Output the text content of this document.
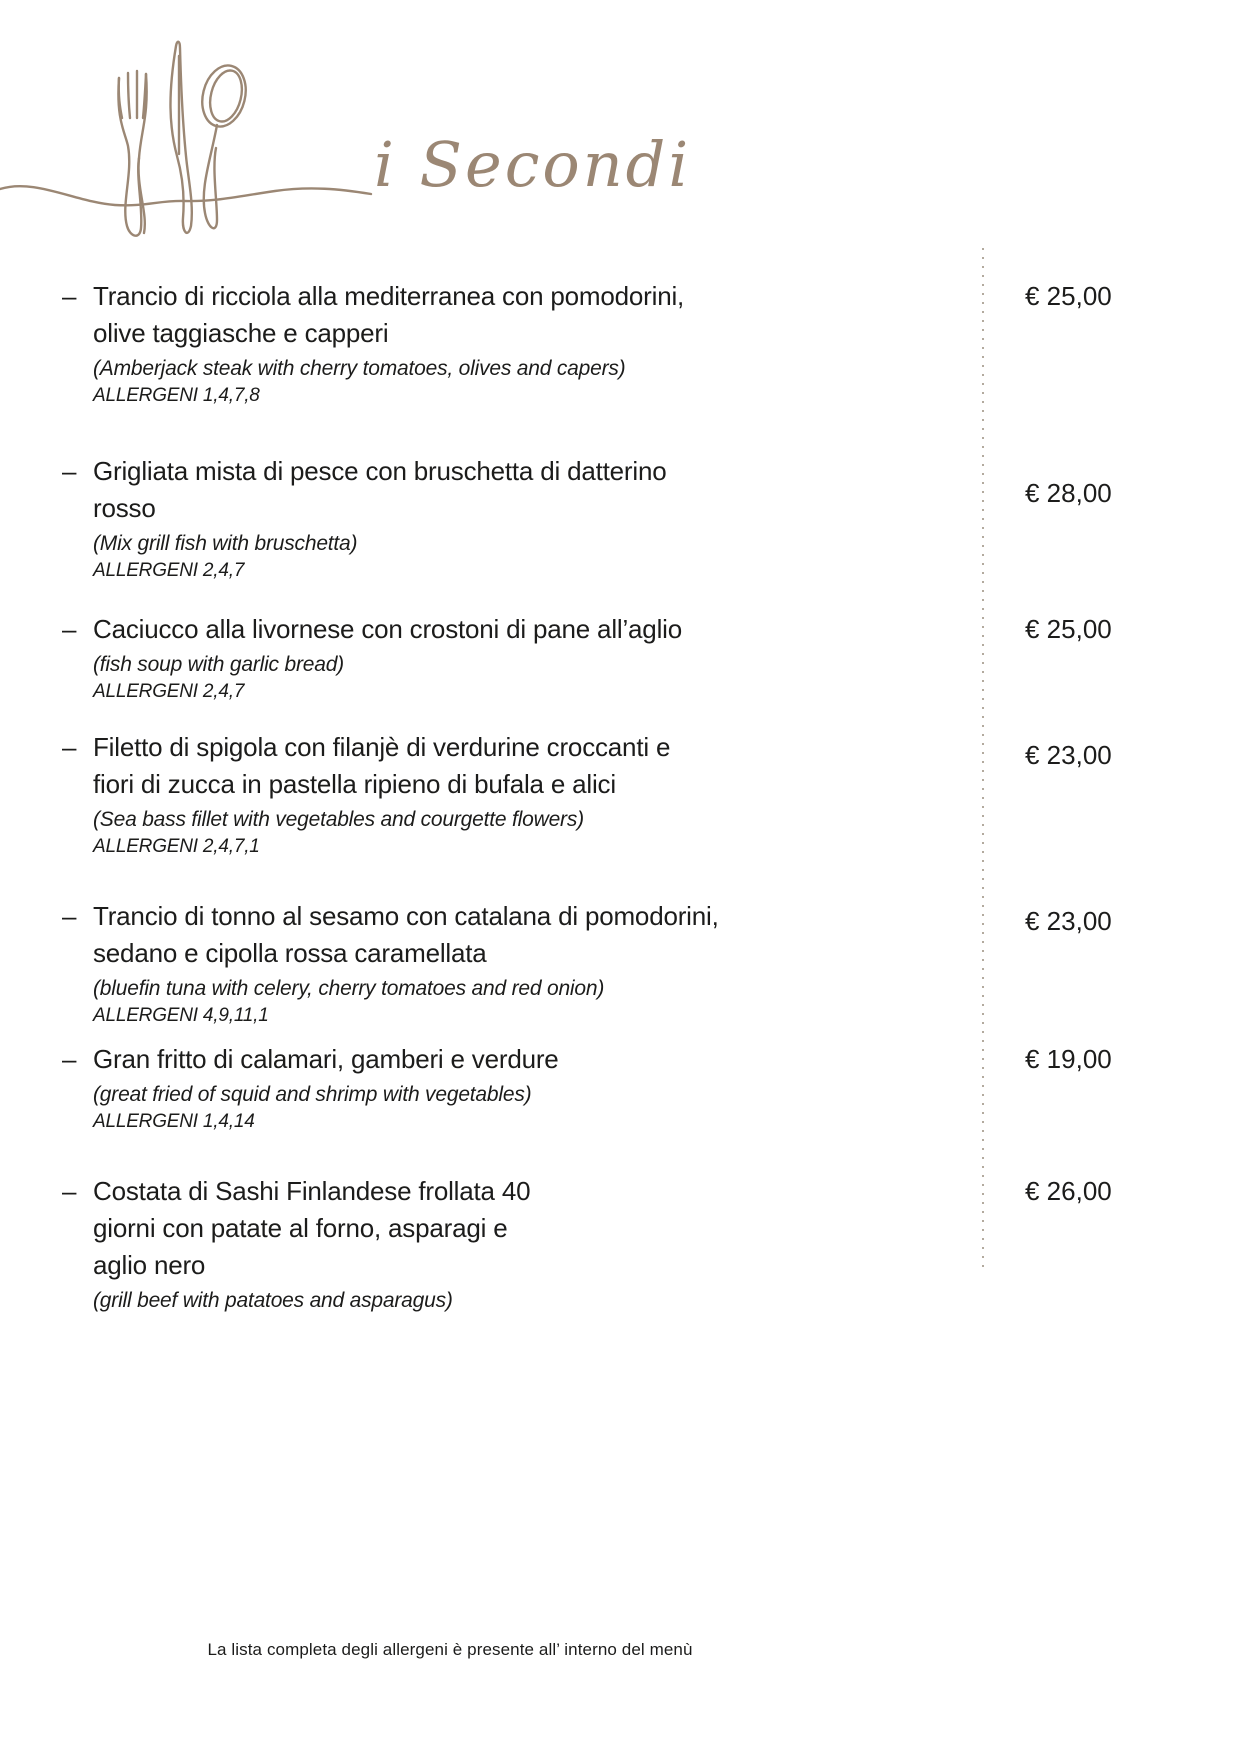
i Secondi
– Trancio di ricciola alla mediterranea con pomodorini,
olive taggiasche e capperi
(Amberjack steak with cherry tomatoes, olives and capers)
ALLERGENI 1,4,7,8
€ 25,00
– Grigliata mista di pesce con bruschetta di datterino
rosso
(Mix grill fish with bruschetta)
ALLERGENI 2,4,7
€ 28,00
– Caciucco alla livornese con crostoni di pane all’aglio
(fish soup with garlic bread)
ALLERGENI 2,4,7
€ 25,00
– Filetto di spigola con filanjè di verdurine croccanti e
fiori di zucca in pastella ripieno di bufala e alici
(Sea bass fillet with vegetables and courgette flowers)
ALLERGENI 2,4,7,1
€ 23,00
– Trancio di tonno al sesamo con catalana di pomodorini,
sedano e cipolla rossa caramellata
(bluefin tuna with celery, cherry tomatoes and red onion)
ALLERGENI 4,9,11,1
€ 23,00
– Gran fritto di calamari, gamberi e verdure
(great fried of squid and shrimp with vegetables)
ALLERGENI 1,4,14
€ 19,00
– Costata di Sashi Finlandese frollata 40
giorni con patate al forno, asparagi e
aglio nero
(grill beef with patatoes and asparagus)
€ 26,00
La lista completa degli allergeni è presente all’ interno del menù
